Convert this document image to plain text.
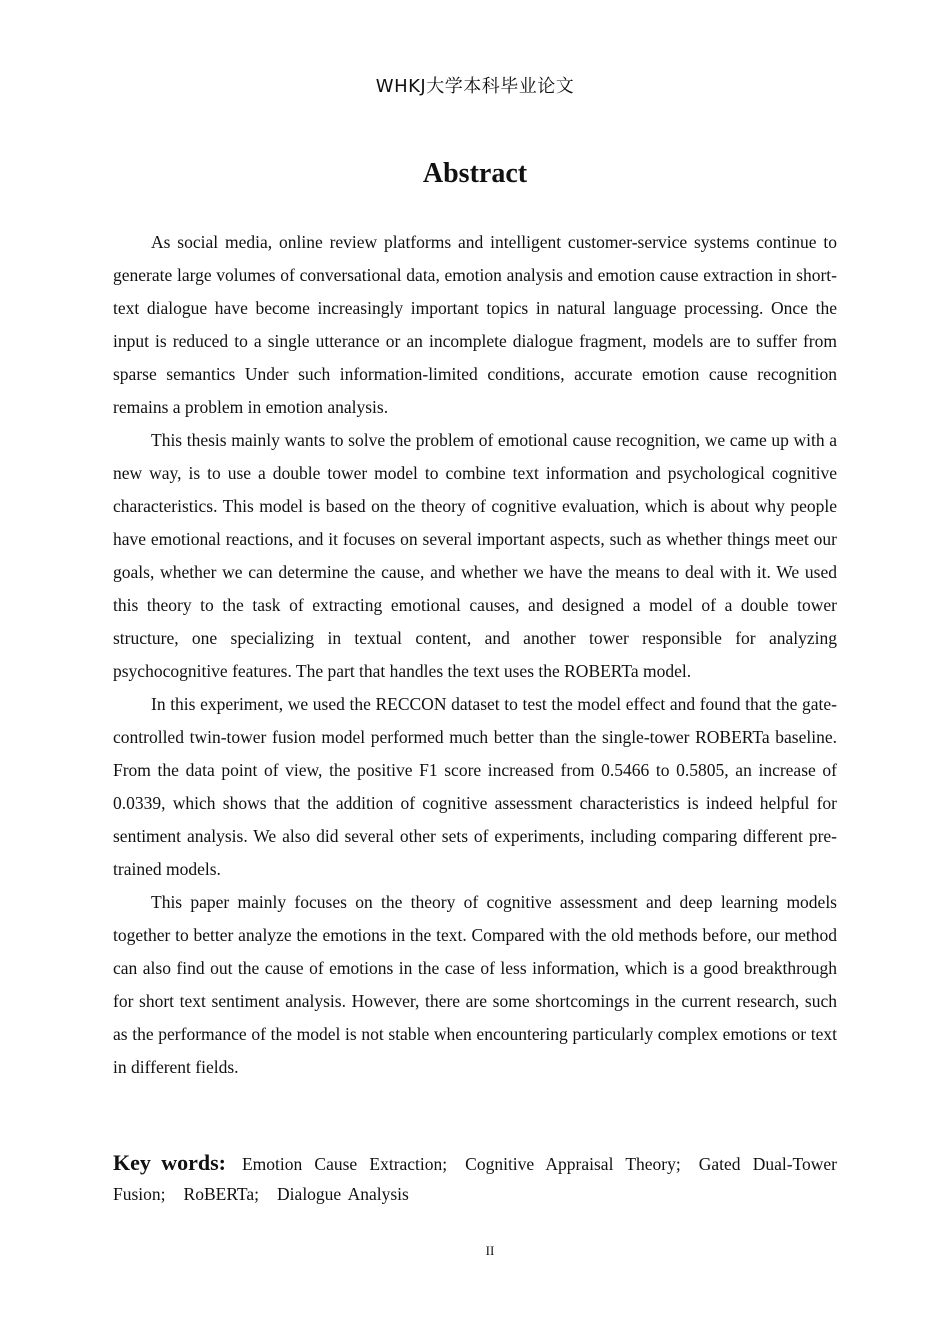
WHKJ大学本科毕业论文
Abstract

As social media, online review platforms and intelligent customer-service systems continue to generate large volumes of conversational data, emotion analysis and emotion cause extraction in short-text dialogue have become increasingly important topics in natural language processing. Once the input is reduced to a single utterance or an incomplete dialogue fragment, models are to suffer from sparse semantics Under such information-limited conditions, accurate emotion cause recognition remains a problem in emotion analysis.

This thesis mainly wants to solve the problem of emotional cause recognition, we came up with a new way, is to use a double tower model to combine text information and psychological cognitive characteristics. This model is based on the theory of cognitive evaluation, which is about why people have emotional reactions, and it focuses on several important aspects, such as whether things meet our goals, whether we can determine the cause, and whether we have the means to deal with it. We used this theory to the task of extracting emotional causes, and designed a model of a double tower structure, one specializing in textual content, and another tower responsible for analyzing psychocognitive features. The part that handles the text uses the ROBERTa model.

In this experiment, we used the RECCON dataset to test the model effect and found that the gate-controlled twin-tower fusion model performed much better than the single-tower ROBERTa baseline. From the data point of view, the positive F1 score increased from 0.5466 to 0.5805, an increase of 0.0339, which shows that the addition of cognitive assessment characteristics is indeed helpful for sentiment analysis. We also did several other sets of experiments, including comparing different pre-trained models.

This paper mainly focuses on the theory of cognitive assessment and deep learning models together to better analyze the emotions in the text. Compared with the old methods before, our method can also find out the cause of emotions in the case of less information, which is a good breakthrough for short text sentiment analysis. However, there are some shortcomings in the current research, such as the performance of the model is not stable when encountering particularly complex emotions or text in different fields.

Key words: Emotion Cause Extraction; Cognitive Appraisal Theory; Gated Dual-Tower Fusion; RoBERTa; Dialogue Analysis
II
